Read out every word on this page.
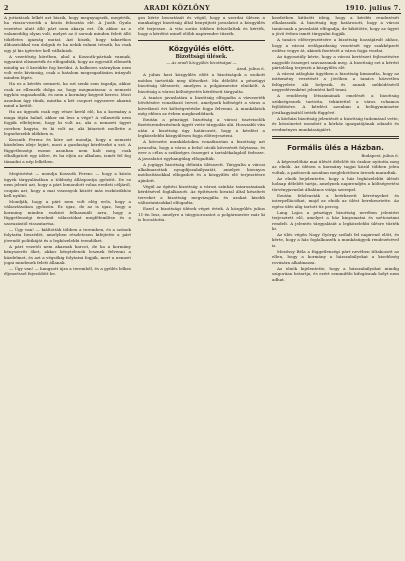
2	ARADI KÖZLÖNY	1910. julius 7.

A juttatások lelkét azt hiszik, hogy megnyugszik, megértik, ha vissza-vezetik a közös felosztás elé. A Justh Gyula vezetése alatt álló párt nem akarja ezt. Ők akkor az a valameddig olyan volt, melyet az ő sorsuk minden felett álló tökéletes igazság mutat. Azt hiszik, hogy takarékos áldozatokkal van dolguk és ha nekik valami tetszik, ha csak egy jó kis ígéretre kell vállalniok.

A vezetőség körében, ahol a Kossuth-pártiak vannak, egyaránt elismerték és elfogadták, hogy az egyesült ellenzék mindig az ő kezükbe fog kerülni. A balkezes szárnyban nem volt erős kívánság, csak a hatalom megragadására irányult minden lépés.

Ha ez a kérdés nemzeti, ha ezt senki sem tagadja, akkor csak az ellenzék dolga az, hogy megmutassa: a nemzeti ügyhöz ragaszkodik, és nem a kormány kegyeit keresi. Most azonban úgy tűnik, mintha a két csoport egyszerre akarná mind a kettőt.

Ha az ügynek csak egy része kerül elő, ha a kormány a maga útján halad, akkor mi lesz a vége? A választók nem fogják elfelejteni, hogy ki volt az, aki a nemzeti ügyet cserben hagyta, és ki volt az, aki kitartott mellette a legnehezebb időkben is.

Kossuth Ferenc és köre azt mondja, hogy a nemzeti küzdelem ideje lejárt, most a gazdasági kérdéseké a szó. A függetlenségi eszme azonban nem halt meg, csak elhallgatott egy időre, és ha eljön az alkalom, ismét fel fog támadni a nép lelkében.

Megtörtént — mondja Kossuth Ferenc — hogy a közös ügyek tárgyalásában a többség álláspontja győzött. De ez nem jelenti azt, hogy a párt lemondott volna eredeti céljáról, csupán azt, hogy a mai viszonyok között más eszközökhöz kell nyúlni.

Mondják, hogy a párt nem volt elég erős, hogy a választásokon győzzön. Ez igaz, de az is igaz, hogy a kormány minden eszközt felhasznált arra, hogy a függetlenségi érzelmű választókat megfélemlítse és a szavazástól visszatartsa.

— Úgy van! — kiáltották többen a teremben, és a szónok folytatta beszédét, amelyben részletesen kifejtette a párt jövendő politikáját és a legközelebbi teendőket.

A párt vezetői nem akarnak harcot, de ha a kormány kényszeríti őket, akkor kénytelenek lesznek felvenni a küzdelmet, és azt a végsőkig folytatni fogják, mert a nemzet jogai mindenek felett állanak.

— Úgy van! — hangzott újra a teremből, és a gyűlés lelkes éljenzéssel fejeződött be.

gos kérte beosztását és végül, hogy a szerdai ülésen a munkaügyi bizottság által benyújtott javaslatot a közgyűlés elé terjessze. A vita során többen felszólaltak és kérték, hogy a kérdést minél előbb napirendre tűzzék.

Közgyűlés előtt.
Bizottsági ülések.
— Az aradi közgyűlés bizottságai —
Arad, julius 6.

A julius havi közgyűlés előtt a bizottságok a szokott módon tartották meg üléseiket. Ma délelőtt a pénzügyi bizottság ülésezett, amelyen a polgármester elnökölt. A bizottság a városi költségvetés kérdéseit tárgyalta.

A tanács javaslatára a bizottság elfogadta a vízvezeték bővítésére vonatkozó tervet, amelynek költségét a város a következő évi költségvetésbe fogja felvenni. A munkálatok még ebben az évben megkezdődnek.

Ezután a pénzügyi bizottság a városi tisztviselők fizetésrendezésének ügyét vette tárgyalás alá. Hosszabb vita után a bizottság úgy határozott, hogy a kérdést a legközelebbi közgyűlésen fogja előterjeszteni.

A kövezési munkálatokra vonatkozóan a bizottság azt javasolta, hogy a város a belső utcák kövezését folytassa, és erre a célra a szükséges összeget a tartalékalapból fedezze. A javaslatot egyhangúlag elfogadták.

A jogügyi bizottság délután ülésezett. Tárgyalta a városi alkalmazottak nyugdíjszabályzatát, amelyet bizonyos módosításokkal elfogadott és a közgyűlés elé terjesztésre ajánlott.

Végül az építési bizottság a városi színház tatarozásának kérdésével foglalkozott. Az építészeti hivatal által készített terveket a bizottság megvizsgálta és azokat kisebb változtatásokkal elfogadta.

Ezzel a bizottsági ülések véget értek. A közgyűlés julius 11-én lesz, amelyre a tárgysorozatot a polgármester már ki is bocsátotta.

kezdetben kitűzött ideig, hogy a kérdés rendezését elhalasszák. A bizottság úgy határozott, hogy a városi tanácsnak a javaslatát elfogadja, de kikötötte, hogy az ügyet a jövő évben ismét tárgyalni fogják.

A tanács előterjesztésére a bizottság hozzájárult ahhoz, hogy a városi erdőgazdaság vezetését egy szakképzett erdész vegye át, akinek fizetését a város fogja viselni.

Az ügyosztály kérte, hogy a városi kertészet fejlesztésére nagyobb összeget szavazzanak meg. A bizottság ezt a kérést pártolólag terjeszti a közgyűlés elé.

A városi zálogház ügyében a bizottság kimondta, hogy az intézmény vezetését a jövőben a tanács közvetlen felügyelete alá helyezik, és annak működéséről negyedévenként jelentést kell tenni.

A rendőrség létszámának emelését a bizottság szükségesnek tartotta, tekintettel a város rohamos fejlődésére. A kérdést azonban a belügyminiszter jóváhagyásától tették függővé.

A kórházi bizottság jelentését a bizottság tudomásul vette, és köszönetet mondott a kórház igazgatójának odaadó és eredményes munkásságáért.

Formális ülés a Házban.
Budapest, julius 6.

A képviselőház mai ülését délelőtt tíz órakor nyitotta meg az elnök. Az ülésen a kormány tagjai közül többen jelen voltak, a padsorok azonban meglehetősen üresek maradtak.

Az elnök bejelentette, hogy a ház legközelebbi ülését holnap délelőtt tartja, amelynek napirendjén a költségvetési törvényjavaslat általános vitája szerepel.

Ezután felolvasták a beérkezett kérvényeket és interpellációkat, majd az elnök az ülést berekesztette. Az egész ülés alig tartott tíz percig.

Lang Lajos a pénzügyi bizottság nevében jelentést terjesztett elő, amelyet a ház kinyomatni és szétosztani rendelt. A jelentés tárgyalását a legközelebbi ülésre tűzték ki.

Az ülés végén Nagy György szólalt fel napirend előtt, és kérte, hogy a ház foglalkozzék a munkásügyek rendezésével is.

Mezőssy Béla a függetlenségi párt nevében tiltakozott az ellen, hogy a kormány a házszabályokat a kisebbség rovására alkalmazza.

Az elnök kijelentette, hogy a házszabályokat mindig szigorúan betartja, és ezért semmiféle kifogásnak helyt nem adhat.
